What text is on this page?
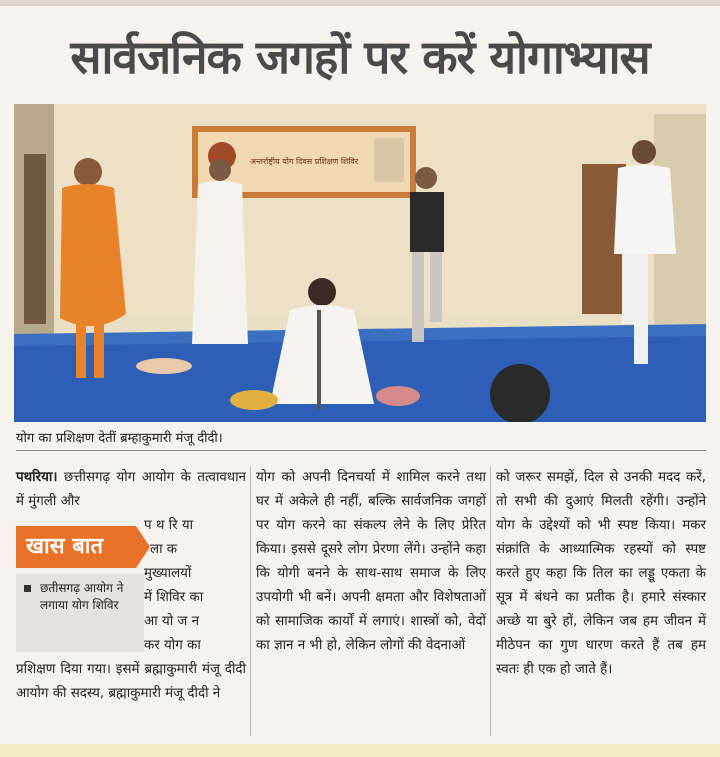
सार्वजनिक जगहों पर करें योगाभ्यास
अन्तर्राष्ट्रीय योग दिवस प्रशिक्षण शिविर
योग का प्रशिक्षण देतीं ब्रम्हाकुमारी मंजू दीदी।
पथरिया। छत्तीसगढ़ योग आयोग के तत्वावधान में मुंगली और
प थ रि या
ला क
मुख्यालयों
में शिविर का
आ यो ज न
कर योग का
खास बात
छतीसगढ़ आयोग ने लगाया योग शिविर
प्रशिक्षण दिया गया। इसमें ब्रह्माकुमारी मंजू दीदी आयोग की सदस्य, ब्रह्माकुमारी मंजू दीदी ने
योग को अपनी दिनचर्या में शामिल करने तथा घर में अकेले ही नहीं, बल्कि सार्वजनिक जगहों पर योग करने का संकल्प लेने के लिए प्रेरित किया। इससे दूसरे लोग प्रेरणा लेंगे। उन्होंने कहा कि योगी बनने के साथ-साथ समाज के लिए उपयोगी भी बनें। अपनी क्षमता और विशेषताओं को सामाजिक कार्यों में लगाएं। शास्त्रों को, वेदों का ज्ञान न भी हो, लेकिन लोगों की वेदनाओं
को जरूर समझें, दिल से उनकी मदद करें, तो सभी की दुआएं मिलती रहेंगी। उन्होंने योग के उद्देश्यों को भी स्पष्ट किया। मकर संक्रांति के आध्यात्मिक रहस्यों को स्पष्ट करते हुए कहा कि तिल का लड्डू एकता के सूत्र में बंधने का प्रतीक है। हमारे संस्कार अच्छे या बुरे हों, लेकिन जब हम जीवन में मीठेपन का गुण धारण करते हैं तब हम स्वतः ही एक हो जाते हैं।
